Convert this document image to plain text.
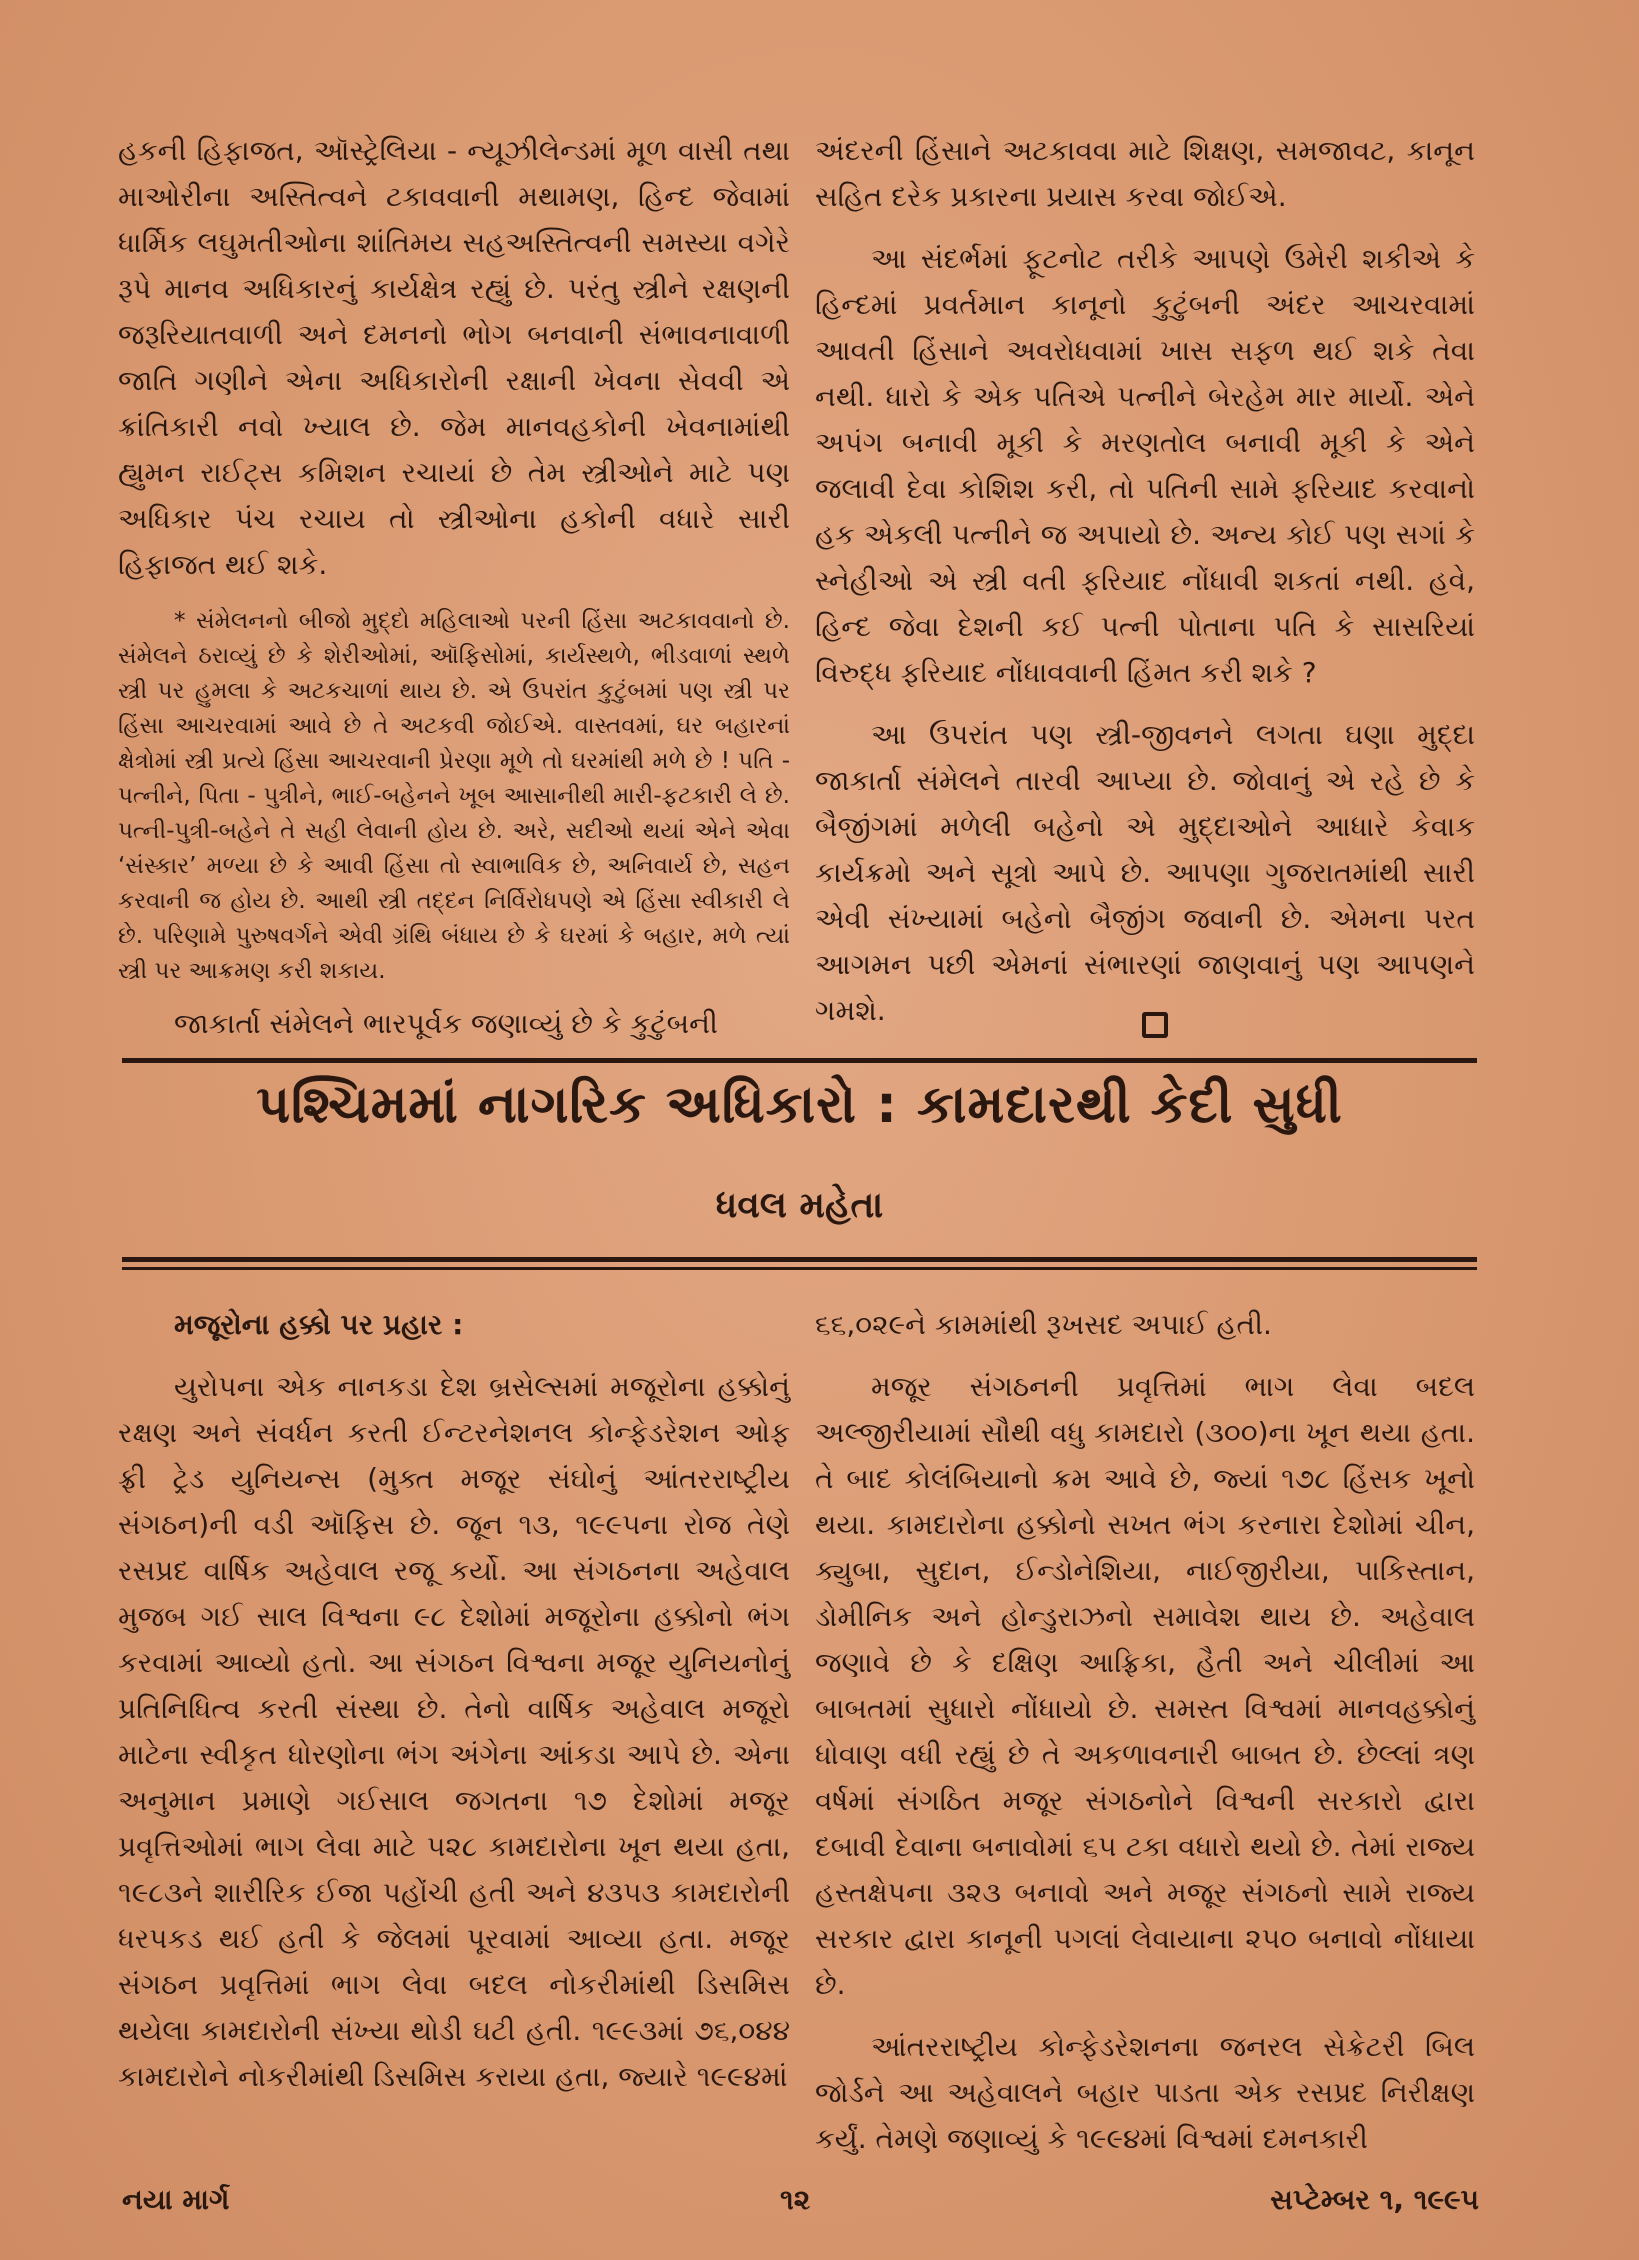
હકની હિફાજત, ઑસ્ટ્રેલિયા - ન્યૂઝીલેન્ડમાં મૂળ વાસી તથા માઓરીના અસ્તિત્વને ટકાવવાની મથામણ, હિન્દ જેવામાં ધાર્મિક લઘુમતીઓના શાંતિમય સહઅસ્તિત્વની સમસ્યા વગેરે રૂપે માનવ અધિકારનું કાર્યક્ષેત્ર રહ્યું છે. પરંતુ સ્ત્રીને રક્ષણની જરૂરિયાતવાળી અને દમનનો ભોગ બનવાની સંભાવનાવાળી જાતિ ગણીને એના અધિકારોની રક્ષાની ખેવના સેવવી એ ક્રાંતિકારી નવો ખ્યાલ છે. જેમ માનવહકોની ખેવનામાંથી હ્યુમન રાઈટ્સ કમિશન રચાયાં છે તેમ સ્ત્રીઓને માટે પણ અધિકાર પંચ રચાય તો સ્ત્રીઓના હકોની વધારે સારી હિફાજત થઈ શકે.

* સંમેલનનો બીજો મુદ્દો મહિલાઓ પરની હિંસા અટકાવવાનો છે. સંમેલને ઠરાવ્યું છે કે શેરીઓમાં, ઑફિસોમાં, કાર્યસ્થળે, ભીડવાળાં સ્થળે સ્ત્રી પર હુમલા કે અટકચાળાં થાય છે. એ ઉપરાંત કુટુંબમાં પણ સ્ત્રી પર હિંસા આચરવામાં આવે છે તે અટકવી જોઈએ. વાસ્તવમાં, ઘર બહારનાં ક્ષેત્રોમાં સ્ત્રી પ્રત્યે હિંસા આચરવાની પ્રેરણા મૂળે તો ઘરમાંથી મળે છે ! પતિ - પત્નીને, પિતા - પુત્રીને, ભાઈ-બહેનને ખૂબ આસાનીથી મારી-ફટકારી લે છે. પત્ની-પુત્રી-બહેને તે સહી લેવાની હોય છે. અરે, સદીઓ થયાં એને એવા ‘સંસ્કાર’ મળ્યા છે કે આવી હિંસા તો સ્વાભાવિક છે, અનિવાર્ય છે, સહન કરવાની જ હોય છે. આથી સ્ત્રી તદ્દન નિર્વિરોધપણે એ હિંસા સ્વીકારી લે છે. પરિણામે પુરુષવર્ગને એવી ગ્રંથિ બંધાય છે કે ઘરમાં કે બહાર, મળે ત્યાં સ્ત્રી પર આક્રમણ કરી શકાય.

જાકાર્તા સંમેલને ભારપૂર્વક જણાવ્યું છે કે કુટુંબની

અંદરની હિંસાને અટકાવવા માટે શિક્ષણ, સમજાવટ, કાનૂન સહિત દરેક પ્રકારના પ્રયાસ કરવા જોઈએ.

આ સંદર્ભમાં ફૂટનોટ તરીકે આપણે ઉમેરી શકીએ કે હિન્દમાં પ્રવર્તમાન કાનૂનો કુટુંબની અંદર આચરવામાં આવતી હિંસાને અવરોધવામાં ખાસ સફળ થઈ શકે તેવા નથી. ધારો કે એક પતિએ પત્નીને બેરહેમ માર માર્યો. એને અપંગ બનાવી મૂકી કે મરણતોલ બનાવી મૂકી કે એને જલાવી દેવા કોશિશ કરી, તો પતિની સામે ફરિયાદ કરવાનો હક એકલી પત્નીને જ અપાયો છે. અન્ય કોઈ પણ સગાં કે સ્નેહીઓ એ સ્ત્રી વતી ફરિયાદ નોંધાવી શકતાં નથી. હવે, હિન્દ જેવા દેશની કઈ પત્ની પોતાના પતિ કે સાસરિયાં વિરુદ્ધ ફરિયાદ નોંધાવવાની હિંમત કરી શકે ?

આ ઉપરાંત પણ સ્ત્રી-જીવનને લગતા ઘણા મુદ્દા જાકાર્તા સંમેલને તારવી આપ્યા છે. જોવાનું એ રહે છે કે બૈજીંગમાં મળેલી બહેનો એ મુદ્દાઓને આધારે કેવાક કાર્યક્રમો અને સૂત્રો આપે છે. આપણા ગુજરાતમાંથી સારી એવી સંખ્યામાં બહેનો બૈજીંગ જવાની છે. એમના પરત આગમન પછી એમનાં સંભારણાં જાણવાનું પણ આપણને ગમશે.

પશ્ચિમમાં નાગરિક અધિકારો : કામદારથી કેદી સુધી
ધવલ મહેતા

મજૂરોના હક્કો પર પ્રહાર :

યુરોપના એક નાનકડા દેશ બ્રસેલ્સમાં મજૂરોના હક્કોનું રક્ષણ અને સંવર્ધન કરતી ઈન્ટરનેશનલ કોન્ફેડરેશન ઓફ ફ્રી ટ્રેડ યુનિયન્સ (મુક્ત મજૂર સંઘોનું આંતરરાષ્ટ્રીય સંગઠન)ની વડી ઑફિસ છે. જૂન ૧૩, ૧૯૯૫ના રોજ તેણે રસપ્રદ વાર્ષિક અહેવાલ રજૂ કર્યો. આ સંગઠનના અહેવાલ મુજબ ગઈ સાલ વિશ્વના ૯૮ દેશોમાં મજૂરોના હક્કોનો ભંગ કરવામાં આવ્યો હતો. આ સંગઠન વિશ્વના મજૂર યુનિયનોનું પ્રતિનિધિત્વ કરતી સંસ્થા છે. તેનો વાર્ષિક અહેવાલ મજૂરો માટેના સ્વીકૃત ધોરણોના ભંગ અંગેના આંકડા આપે છે. એના અનુમાન પ્રમાણે ગઈસાલ જગતના ૧૭ દેશોમાં મજૂર પ્રવૃત્તિઓમાં ભાગ લેવા માટે ૫૨૮ કામદારોના ખૂન થયા હતા, ૧૯૮૩ને શારીરિક ઈજા પહોંચી હતી અને ૪૩૫૩ કામદારોની ધરપકડ થઈ હતી કે જેલમાં પૂરવામાં આવ્યા હતા. મજૂર સંગઠન પ્રવૃત્તિમાં ભાગ લેવા બદલ નોકરીમાંથી ડિસમિસ થયેલા કામદારોની સંખ્યા થોડી ઘટી હતી. ૧૯૯૩માં ૭૬,૦૪૪ કામદારોને નોકરીમાંથી ડિસમિસ કરાયા હતા, જ્યારે ૧૯૯૪માં

૬૬,૦૨૯ને કામમાંથી રૂખસદ અપાઈ હતી.

મજૂર સંગઠનની પ્રવૃત્તિમાં ભાગ લેવા બદલ અલ્જીરીયામાં સૌથી વધુ કામદારો (૩૦૦)ના ખૂન થયા હતા. તે બાદ કોલંબિયાનો ક્રમ આવે છે, જ્યાં ૧૭૮ હિંસક ખૂનો થયા. કામદારોના હક્કોનો સખત ભંગ કરનારા દેશોમાં ચીન, ક્યુબા, સુદાન, ઈન્ડોનેશિયા, નાઈજીરીયા, પાકિસ્તાન, ડોમીનિક અને હોન્ડુરાઝનો સમાવેશ થાય છે. અહેવાલ જણાવે છે કે દક્ષિણ આફ્રિકા, હૈતી અને ચીલીમાં આ બાબતમાં સુધારો નોંધાયો છે. સમસ્ત વિશ્વમાં માનવહક્કોનું ધોવાણ વધી રહ્યું છે તે અકળાવનારી બાબત છે. છેલ્લાં ત્રણ વર્ષમાં સંગઠિત મજૂર સંગઠનોને વિશ્વની સરકારો દ્વારા દબાવી દેવાના બનાવોમાં ૬૫ ટકા વધારો થયો છે. તેમાં રાજ્ય હસ્તક્ષેપના ૩૨૩ બનાવો અને મજૂર સંગઠનો સામે રાજ્ય સરકાર દ્વારા કાનૂની પગલાં લેવાયાના ૨૫૦ બનાવો નોંધાયા છે.

આંતરરાષ્ટ્રીય કોન્ફેડરેશનના જનરલ સેક્રેટરી બિલ જોર્ડને આ અહેવાલને બહાર પાડતા એક રસપ્રદ નિરીક્ષણ કર્યું. તેમણે જણાવ્યું કે ૧૯૯૪માં વિશ્વમાં દમનકારી

નયા માર્ગ	૧૨	સપ્ટેમ્બર ૧, ૧૯૯૫
